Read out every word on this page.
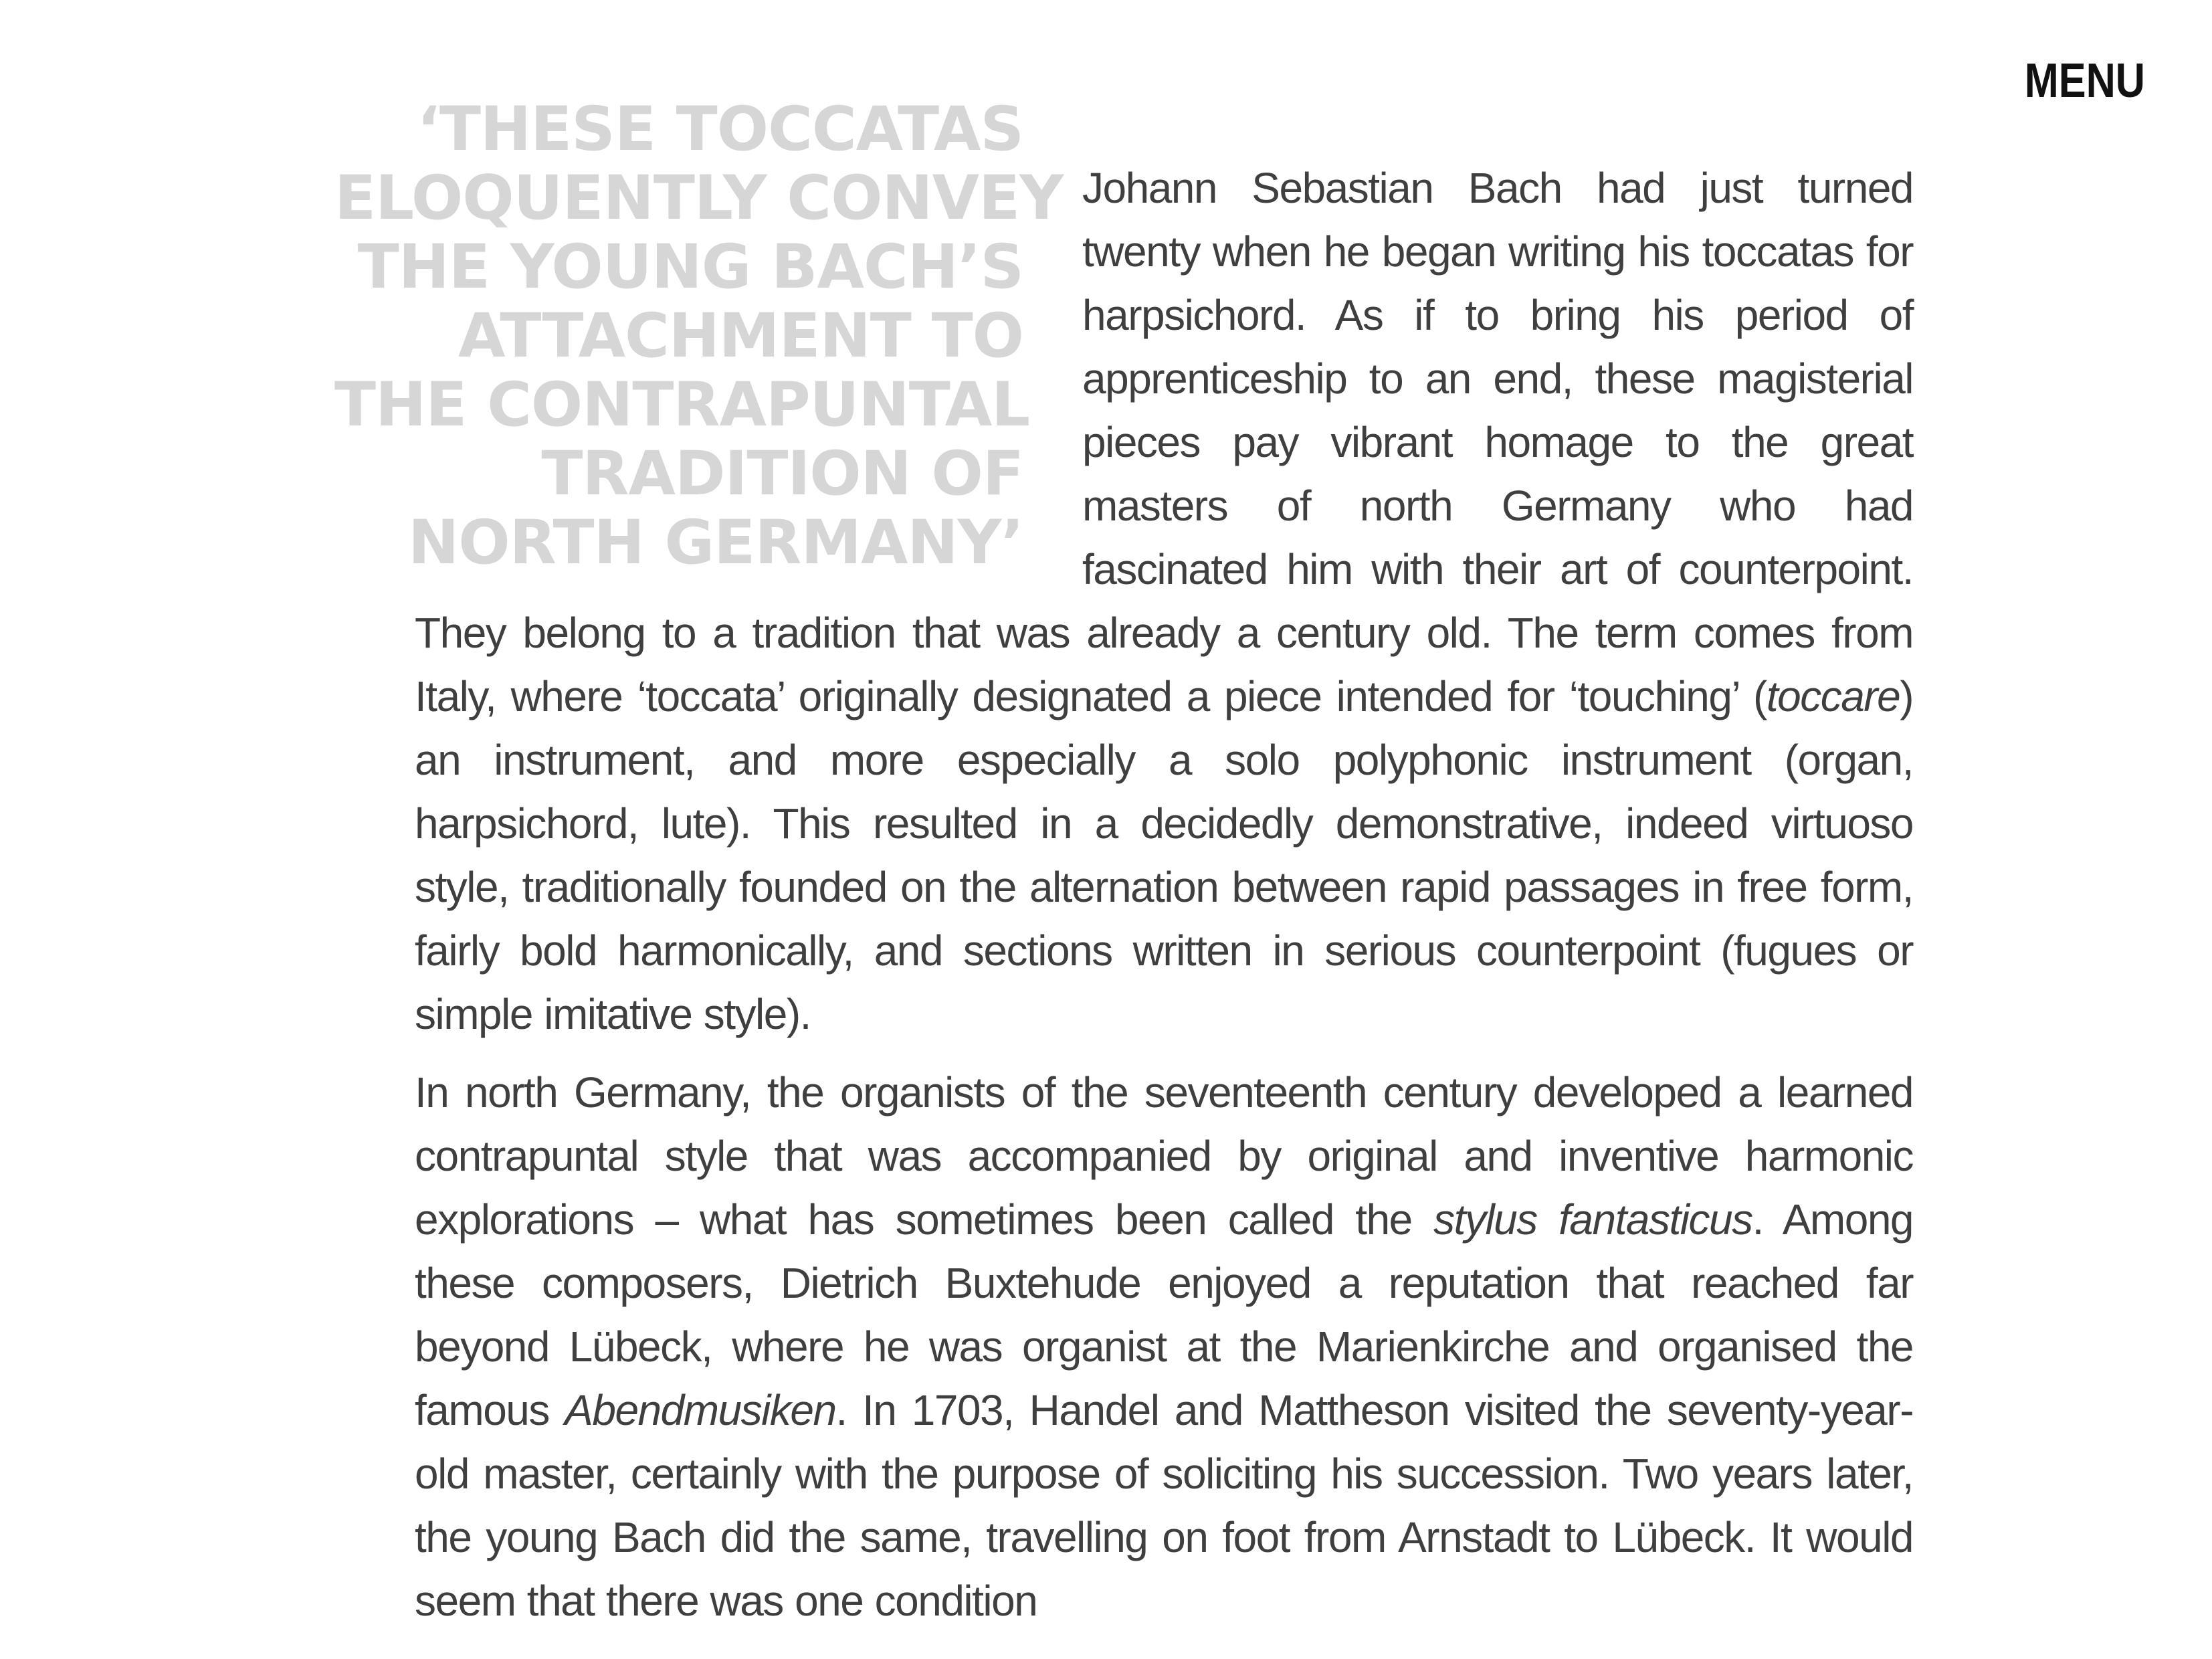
MENU
‘THESE TOCCATAS
ELOQUENTLY CONVEY
THE YOUNG BACH’S
ATTACHMENT TO
THE CONTRAPUNTAL
TRADITION OF
NORTH GERMANY’

Johann Sebastian Bach had just turned twenty when he began writing his toccatas for harpsichord. As if to bring his period of apprenticeship to an end, these magisterial pieces pay vibrant homage to the great masters of north Germany who had fascinated him with their art of counterpoint. They belong to a tradition that was already a century old. The term comes from Italy, where ‘toccata’ originally designated a piece intended for ‘touching’ (toccare) an instrument, and more especially a solo polyphonic instrument (organ, harpsichord, lute). This resulted in a decidedly demonstrative, indeed virtuoso style, traditionally founded on the alternation between rapid passages in free form, fairly bold harmonically, and sections written in serious counterpoint (fugues or simple imitative style).

In north Germany, the organists of the seventeenth century developed a learned contrapuntal style that was accompanied by original and inventive harmonic explorations – what has sometimes been called the stylus fantasticus. Among these composers, Dietrich Buxtehude enjoyed a reputation that reached far beyond Lübeck, where he was organist at the Marienkirche and organised the famous Abendmusiken. In 1703, Handel and Mattheson visited the seventy-year-old master, certainly with the purpose of soliciting his succession. Two years later, the young Bach did the same, travelling on foot from Arnstadt to Lübeck. It would seem that there was one condition
